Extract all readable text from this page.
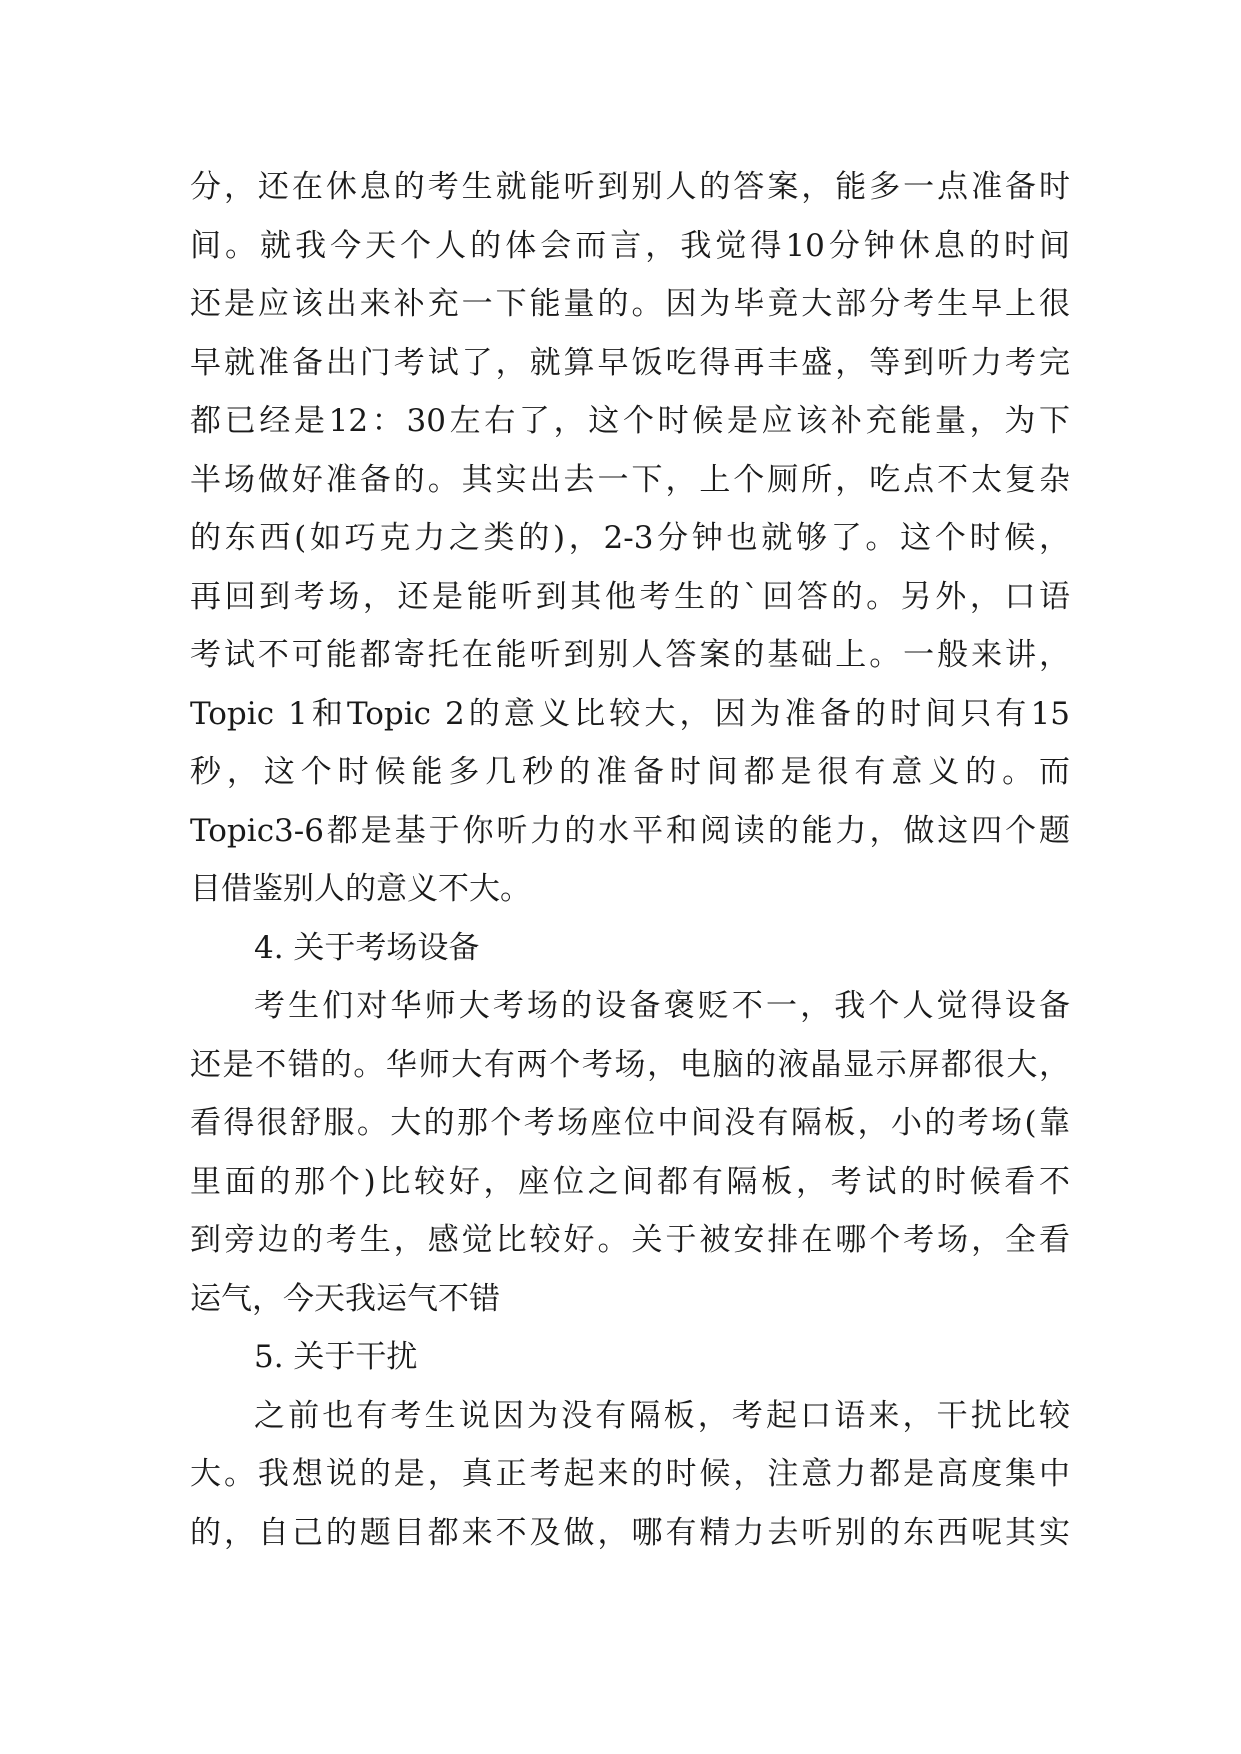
分，还在休息的考生就能听到别人的答案，能多一点准备时
间。就我今天个人的体会而言，我觉得10分钟休息的时间
还是应该出来补充一下能量的。因为毕竟大部分考生早上很
早就准备出门考试了，就算早饭吃得再丰盛，等到听力考完
都已经是12：30左右了，这个时候是应该补充能量，为下
半场做好准备的。其实出去一下，上个厕所，吃点不太复杂
的东西(如巧克力之类的)，2-3分钟也就够了。这个时候，
再回到考场，还是能听到其他考生的`回答的。另外，口语
考试不可能都寄托在能听到别人答案的基础上。一般来讲，
Topic 1和Topic 2的意义比较大，因为准备的时间只有15
秒，这个时候能多几秒的准备时间都是很有意义的。而
Topic3-6都是基于你听力的水平和阅读的能力，做这四个题
目借鉴别人的意义不大。
4. 关于考场设备
考生们对华师大考场的设备褒贬不一，我个人觉得设备
还是不错的。华师大有两个考场，电脑的液晶显示屏都很大，
看得很舒服。大的那个考场座位中间没有隔板，小的考场(靠
里面的那个)比较好，座位之间都有隔板，考试的时候看不
到旁边的考生，感觉比较好。关于被安排在哪个考场，全看
运气，今天我运气不错
5. 关于干扰
之前也有考生说因为没有隔板，考起口语来，干扰比较
大。我想说的是，真正考起来的时候，注意力都是高度集中
的，自己的题目都来不及做，哪有精力去听别的东西呢其实
